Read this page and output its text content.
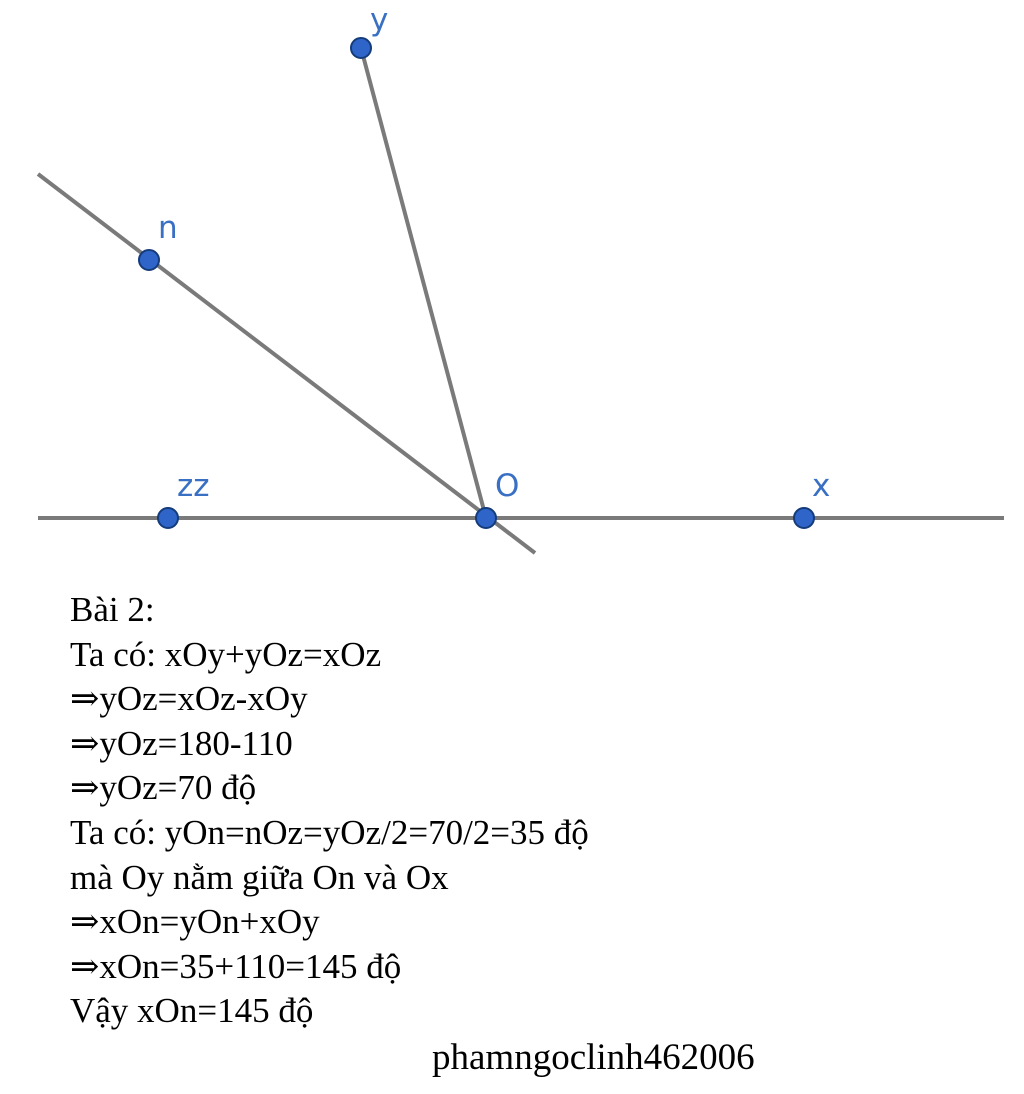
y
n
zz	O	x
Bài 2:
Ta có: xOy+yOz=xOz
⇒yOz=xOz-xOy
⇒yOz=180-110
⇒yOz=70 độ
Ta có: yOn=nOz=yOz/2=70/2=35 độ
mà Oy nằm giữa On và Ox
⇒xOn=yOn+xOy
⇒xOn=35+110=145 độ
Vậy xOn=145 độ
phamngoclinh462006
